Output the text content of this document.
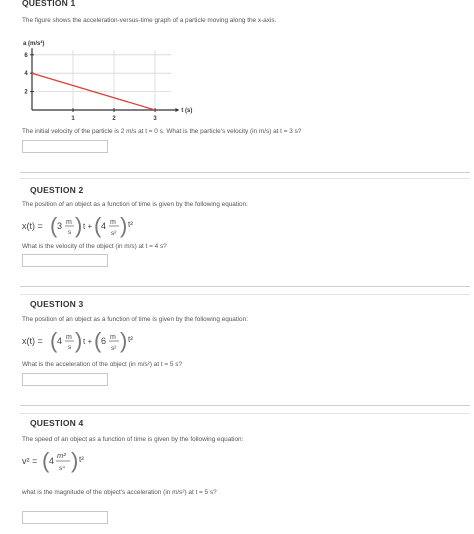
QUESTION 1
The figure shows the acceleration-versus-time graph of a particle moving along the x-axis.
1	2	3
2
4
6
a (m/s²)
t (s)
The initial velocity of the particle is 2 m/s at t = 0 s. What is the particle's velocity (in m/s) at t = 3 s?
QUESTION 2
The position of an object as a function of time is given by the following equation:
x(t) = ( 3 m
s ) t + ( 4 m
s² ) t²
What is the velocity of the object (in m/s) at t = 4 s?
QUESTION 3
The position of an object as a function of time is given by the following equation:
x(t) = ( 4 m
s ) t + ( 6 m
s² ) t²
What is the acceleration of the object (in m/s²) at t = 5 s?
QUESTION 4
The speed of an object as a function of time is given by the following equation:
v² = ( 4
m²
s⁴ ) t²
what is the magnitude of the object's acceleration (in m/s²) at t = 5 s?
